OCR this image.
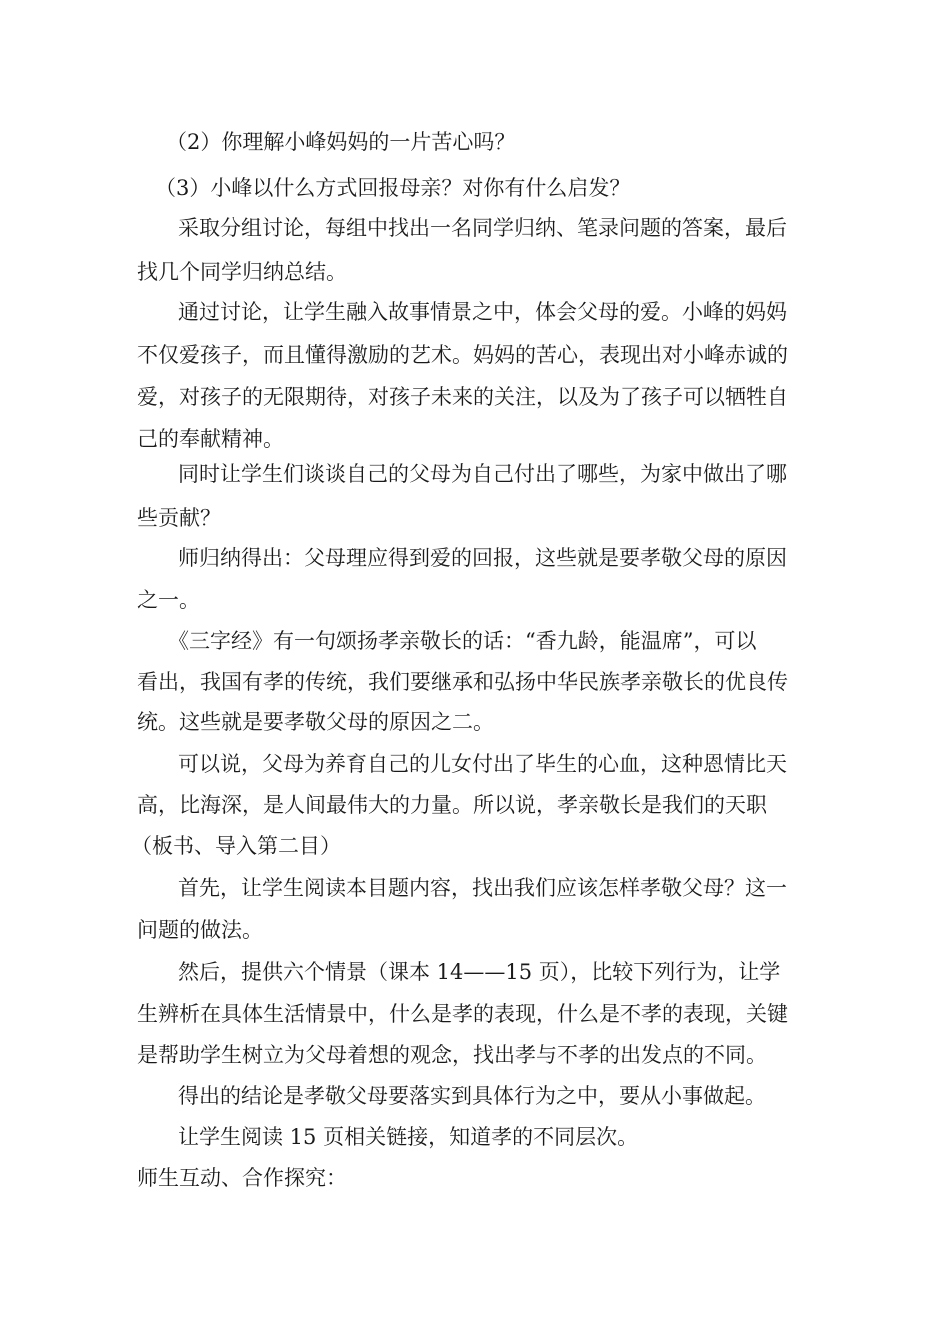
（2）你理解小峰妈妈的一片苦心吗？
（3）小峰以什么方式回报母亲？对你有什么启发？
采取分组讨论，每组中找出一名同学归纳、笔录问题的答案，最后
找几个同学归纳总结。
通过讨论，让学生融入故事情景之中，体会父母的爱。小峰的妈妈
不仅爱孩子，而且懂得激励的艺术。妈妈的苦心，表现出对小峰赤诚的
爱，对孩子的无限期待，对孩子未来的关注，以及为了孩子可以牺牲自
己的奉献精神。
同时让学生们谈谈自己的父母为自己付出了哪些，为家中做出了哪
些贡献？
师归纳得出：父母理应得到爱的回报，这些就是要孝敬父母的原因
之一。
《三字经》有一句颂扬孝亲敬长的话：“香九龄，能温席”，可以
看出，我国有孝的传统，我们要继承和弘扬中华民族孝亲敬长的优良传
统。这些就是要孝敬父母的原因之二。
可以说，父母为养育自己的儿女付出了毕生的心血，这种恩情比天
高，比海深，是人间最伟大的力量。所以说，孝亲敬长是我们的天职
（板书、导入第二目）
首先，让学生阅读本目题内容，找出我们应该怎样孝敬父母？这一
问题的做法。
然后，提供六个情景（课本 14——15 页），比较下列行为，让学
生辨析在具体生活情景中，什么是孝的表现，什么是不孝的表现，关键
是帮助学生树立为父母着想的观念，找出孝与不孝的出发点的不同。
得出的结论是孝敬父母要落实到具体行为之中，要从小事做起。
让学生阅读 15 页相关链接，知道孝的不同层次。
师生互动、合作探究：
